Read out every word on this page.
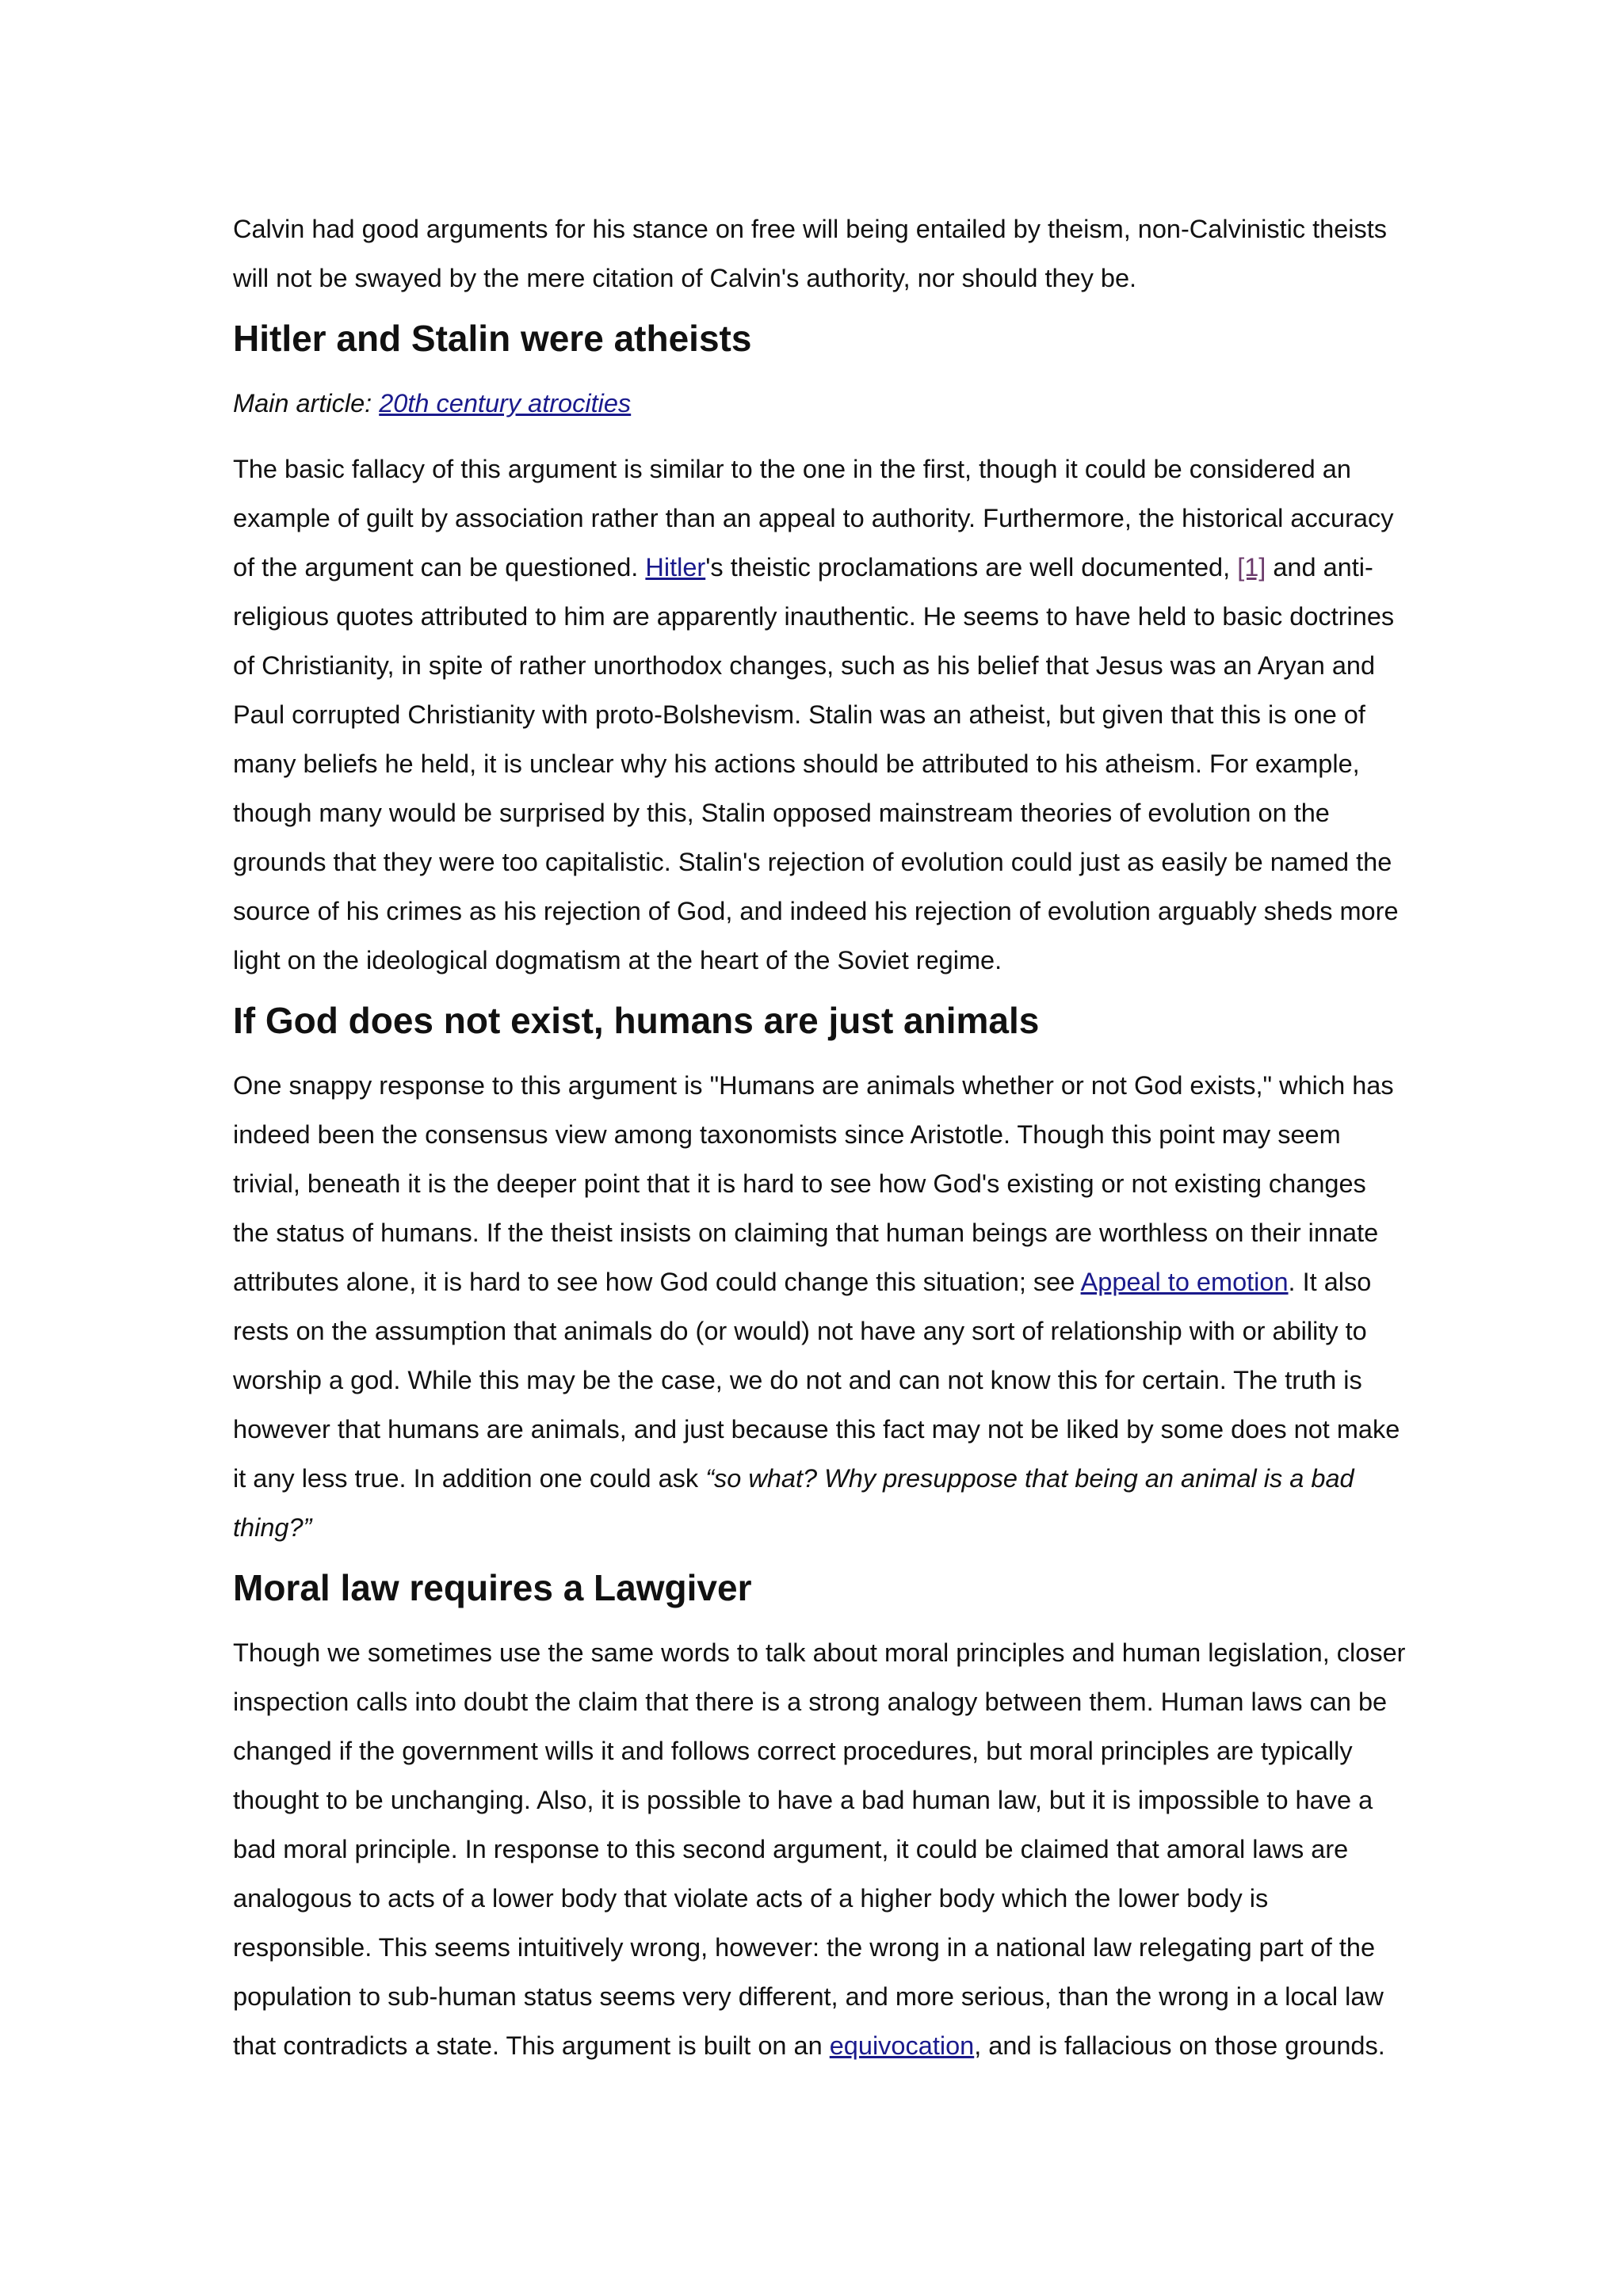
Calvin had good arguments for his stance on free will being entailed by theism, non-Calvinistic theists will not be swayed by the mere citation of Calvin's authority, nor should they be.

Hitler and Stalin were atheists

Main article: 20th century atrocities

The basic fallacy of this argument is similar to the one in the first, though it could be considered an example of guilt by association rather than an appeal to authority. Furthermore, the historical accuracy of the argument can be questioned. Hitler's theistic proclamations are well documented, [1] and anti-religious quotes attributed to him are apparently inauthentic. He seems to have held to basic doctrines of Christianity, in spite of rather unorthodox changes, such as his belief that Jesus was an Aryan and Paul corrupted Christianity with proto-Bolshevism. Stalin was an atheist, but given that this is one of many beliefs he held, it is unclear why his actions should be attributed to his atheism. For example, though many would be surprised by this, Stalin opposed mainstream theories of evolution on the grounds that they were too capitalistic. Stalin's rejection of evolution could just as easily be named the source of his crimes as his rejection of God, and indeed his rejection of evolution arguably sheds more light on the ideological dogmatism at the heart of the Soviet regime.

If God does not exist, humans are just animals

One snappy response to this argument is "Humans are animals whether or not God exists," which has indeed been the consensus view among taxonomists since Aristotle. Though this point may seem trivial, beneath it is the deeper point that it is hard to see how God's existing or not existing changes the status of humans. If the theist insists on claiming that human beings are worthless on their innate attributes alone, it is hard to see how God could change this situation; see Appeal to emotion. It also rests on the assumption that animals do (or would) not have any sort of relationship with or ability to worship a god. While this may be the case, we do not and can not know this for certain. The truth is however that humans are animals, and just because this fact may not be liked by some does not make it any less true. In addition one could ask “so what? Why presuppose that being an animal is a bad thing?”

Moral law requires a Lawgiver

Though we sometimes use the same words to talk about moral principles and human legislation, closer inspection calls into doubt the claim that there is a strong analogy between them. Human laws can be changed if the government wills it and follows correct procedures, but moral principles are typically thought to be unchanging. Also, it is possible to have a bad human law, but it is impossible to have a bad moral principle. In response to this second argument, it could be claimed that amoral laws are analogous to acts of a lower body that violate acts of a higher body which the lower body is responsible. This seems intuitively wrong, however: the wrong in a national law relegating part of the population to sub-human status seems very different, and more serious, than the wrong in a local law that contradicts a state. This argument is built on an equivocation, and is fallacious on those grounds.
